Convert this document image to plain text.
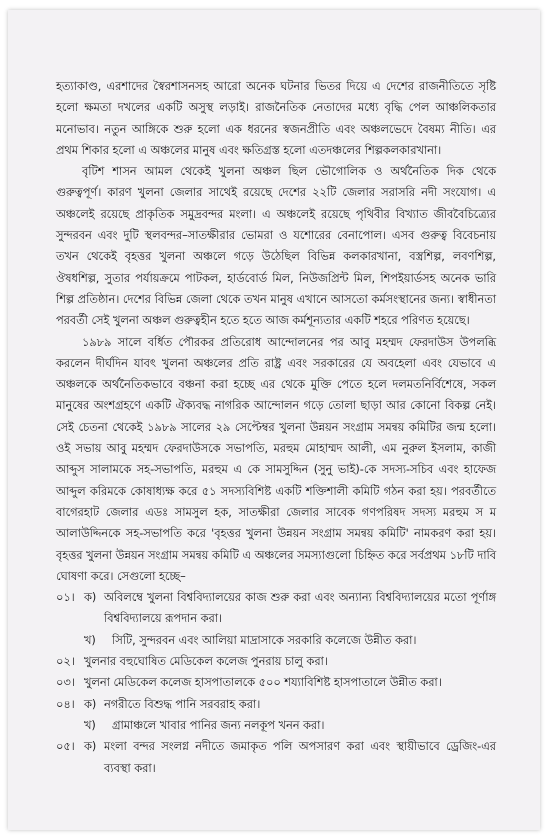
হত্যাকাণ্ড, এরশাদের স্বৈরশাসনসহ আরো অনেক ঘটনার ভিতর দিয়ে এ দেশের রাজনীতিতে সৃষ্টি হলো ক্ষমতা দখলের একটি অসুস্থ লড়াই। রাজনৈতিক নেতাদের মধ্যে বৃদ্ধি পেল আঞ্চলিকতার মনোভাব। নতুন আঙ্গিকে শুরু হলো এক ধরনের স্বজনপ্রীতি এবং অঞ্চলভেদে বৈষম্য নীতি। এর প্রথম শিকার হলো এ অঞ্চলের মানুষ এবং ক্ষতিগ্রস্ত হলো এতদঞ্চলের শিল্পকলকারখানা।

বৃটিশ শাসন আমল থেকেই খুলনা অঞ্চল ছিল ভৌগোলিক ও অর্থনৈতিক দিক থেকে গুরুত্বপূর্ণ। কারণ খুলনা জেলার সাথেই রয়েছে দেশের ২২টি জেলার সরাসরি নদী সংযোগ। এ অঞ্চলেই রয়েছে প্রাকৃতিক সমুদ্রবন্দর মংলা। এ অঞ্চলেই রয়েছে পৃথিবীর বিখ্যাত জীববৈচিত্র্যের সুন্দরবন এবং দুটি স্থলবন্দর–সাতক্ষীরার ভোমরা ও যশোরের বেনাপোল। এসব গুরুত্ব বিবেচনায় তখন থেকেই বৃহত্তর খুলনা অঞ্চলে গড়ে উঠেছিল বিভিন্ন কলকারখানা, বস্ত্রশিল্প, লবণশিল্প, ঔষধশিল্প, সুতার পর্যায়ক্রমে পাটকল, হার্ডবোর্ড মিল, নিউজপ্রিন্ট মিল, শিপইয়ার্ডসহ অনেক ভারি শিল্প প্রতিষ্ঠান। দেশের বিভিন্ন জেলা থেকে তখন মানুষ এখানে আসতো কর্মসংস্থানের জন্য। স্বাধীনতা পরবর্তী সেই খুলনা অঞ্চল গুরুত্বহীন হতে হতে আজ কর্মশূন্যতার একটি শহরে পরিণত হয়েছে।

১৯৮৯ সালে বর্ধিত পৌরকর প্রতিরোধ আন্দোলনের পর আবু মহম্মদ ফেরদাউস উপলব্ধি করলেন দীর্ঘদিন যাবৎ খুলনা অঞ্চলের প্রতি রাষ্ট্র এবং সরকারের যে অবহেলা এবং যেভাবে এ অঞ্চলকে অর্থনৈতিকভাবে বঞ্চনা করা হচ্ছে এর থেকে মুক্তি পেতে হলে দলমতনির্বিশেষে, সকল মানুষের অংশগ্রহণে একটি ঐক্যবদ্ধ নাগরিক আন্দোলন গড়ে তোলা ছাড়া আর কোনো বিকল্প নেই। সেই চেতনা থেকেই ১৯৮৯ সালের ২৯ সেপ্টেম্বর খুলনা উন্নয়ন সংগ্রাম সমন্বয় কমিটির জন্ম হলো। ওই সভায় আবু মহম্মদ ফেরদাউসকে সভাপতি, মরহুম মোহাম্মদ আলী, এম নুরুল ইসলাম, কাজী আব্দুস সালামকে সহ-সভাপতি, মরহুম এ কে সামসুদ্দিন (সুনু ভাই)-কে সদস্য-সচিব এবং হাফেজ আব্দুল করিমকে কোষাধ্যক্ষ করে ৫১ সদস্যবিশিষ্ট একটি শক্তিশালী কমিটি গঠন করা হয়। পরবর্তীতে বাগেরহাট জেলার এডঃ সামসুল হক, সাতক্ষীরা জেলার সাবেক গণপরিষদ সদস্য মরহুম স ম আলাউদ্দিনকে সহ-সভাপতি করে 'বৃহত্তর খুলনা উন্নয়ন সংগ্রাম সমন্বয় কমিটি' নামকরণ করা হয়। বৃহত্তর খুলনা উন্নয়ন সংগ্রাম সমন্বয় কমিটি এ অঞ্চলের সমস্যাগুলো চিহ্নিত করে সর্বপ্রথম ১৮টি দাবি ঘোষণা করে। সেগুলো হচ্ছে–

০১। ক) অবিলম্বে খুলনা বিশ্ববিদ্যালয়ের কাজ শুরু করা এবং অন্যান্য বিশ্ববিদ্যালয়ের মতো পূর্ণাঙ্গ বিশ্ববিদ্যালয়ে রূপদান করা।
খ)	সিটি, সুন্দরবন এবং আলিয়া মাদ্রাসাকে সরকারি কলেজে উন্নীত করা।
০২। খুলনার বহুঘোষিত মেডিকেল কলেজ পুনরায় চালু করা।
০৩। খুলনা মেডিকেল কলেজ হাসপাতালকে ৫০০ শয্যাবিশিষ্ট হাসপাতালে উন্নীত করা।
০৪। ক) নগরীতে বিশুদ্ধ পানি সরবরাহ করা।
খ)	গ্রামাঞ্চলে খাবার পানির জন্য নলকূপ খনন করা।
০৫। ক) মংলা বন্দর সংলগ্ন নদীতে জমাকৃত পলি অপসারণ করা এবং স্থায়ীভাবে ড্রেজিং-এর ব্যবস্থা করা।
